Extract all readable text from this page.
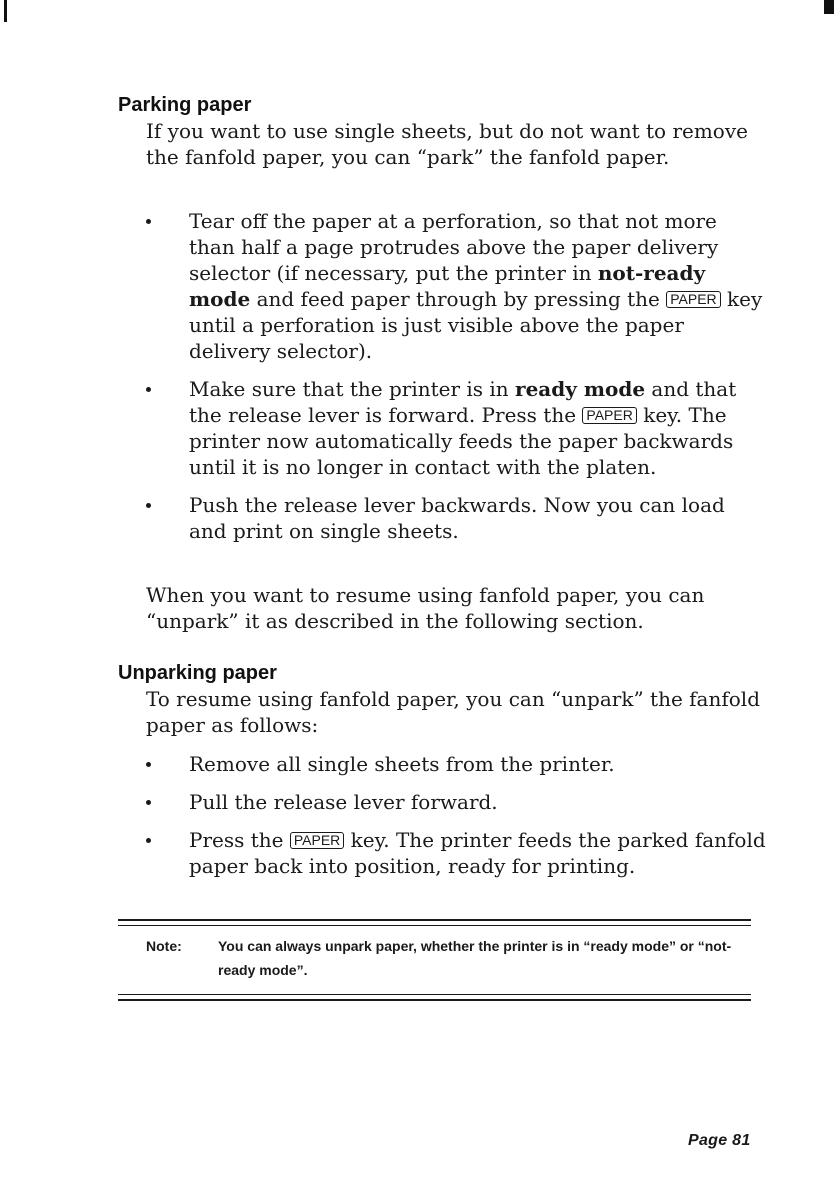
Parking paper

If you want to use single sheets, but do not want to remove the fanfold paper, you can “park” the fanfold paper.

Tear off the paper at a perforation, so that not more than half a page protrudes above the paper delivery selector (if necessary, put the printer in not-ready mode and feed paper through by pressing the PAPER key until a perforation is just visible above the paper delivery selector).
Make sure that the printer is in ready mode and that the release lever is forward. Press the PAPER key. The printer now automatically feeds the paper backwards until it is no longer in contact with the platen.
Push the release lever backwards. Now you can load and print on single sheets.

When you want to resume using fanfold paper, you can “unpark” it as described in the following section.

Unparking paper

To resume using fanfold paper, you can “unpark” the fanfold paper as follows:

Remove all single sheets from the printer.
Pull the release lever forward.
Press the PAPER key. The printer feeds the parked fanfold paper back into position, ready for printing.
Note:	You can always unpark paper, whether the printer is in “ready mode” or “not-ready mode”.
Page 81
